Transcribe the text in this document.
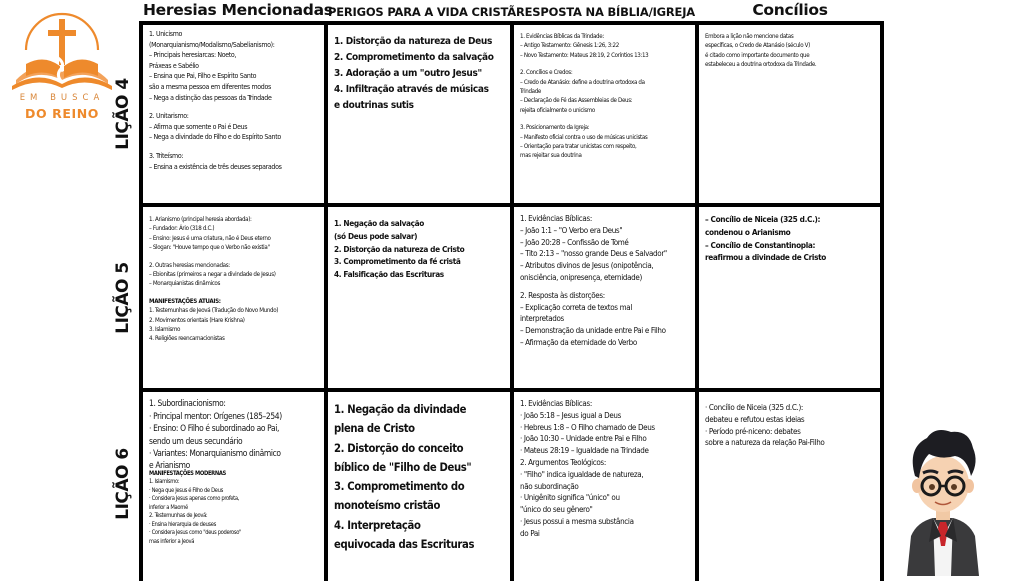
EM BUSCA
DO REINO
Heresias Mencionadas
PERIGOS PARA A VIDA CRISTÃ RESPOSTA NA BÍBLIA/IGREJA	Concílios
LIÇÃO 4
LIÇÃO 5
LIÇÃO 6
1. Unicismo
(Monarquianismo/Modalismo/Sabelianismo):
– Principais heresiarcas: Noeto,
Práxeas e Sabélio
– Ensina que Pai, Filho e Espírito Santo
são a mesma pessoa em diferentes modos
– Nega a distinção das pessoas da Trindade
2. Unitarismo:
– Afirma que somente o Pai é Deus
– Nega a divindade do Filho e do Espírito Santo
3. Triteísmo:
– Ensina a existência de três deuses separados
1. Distorção da natureza de Deus
2. Comprometimento da salvação
3. Adoração a um "outro Jesus"
4. Infiltração através de músicas
e doutrinas sutis
1. Evidências Bíblicas da Trindade:
– Antigo Testamento: Gênesis 1:26, 3:22
– Novo Testamento: Mateus 28:19, 2 Coríntios 13:13
2. Concílios e Credos:
– Credo de Atanásio: define a doutrina ortodoxa da
Trindade
– Declaração de Fé das Assembleias de Deus:
rejeita oficialmente o unicismo
3. Posicionamento da Igreja:
– Manifesto oficial contra o uso de músicas unicistas
– Orientação para tratar unicistas com respeito,
mas rejeitar sua doutrina
Embora a lição não mencione datas
específicas, o Credo de Atanásio (século V)
é citado como importante documento que
estabeleceu a doutrina ortodoxa da Trindade.
1. Arianismo (principal heresia abordada):
– Fundador: Ário (318 d.C.)
– Ensino: Jesus é uma criatura, não é Deus eterno
– Slogan: "Houve tempo que o Verbo não existia"
2. Outras heresias mencionadas:
– Ebionitas (primeiros a negar a divindade de Jesus)
– Monarquianistas dinâmicos
MANIFESTAÇÕES ATUAIS:
1. Testemunhas de Jeová (Tradução do Novo Mundo)
2. Movimentos orientais (Hare Krishna)
3. Islamismo
4. Religiões reencarnacionistas
1. Negação da salvação
(só Deus pode salvar)
2. Distorção da natureza de Cristo
3. Comprometimento da fé cristã
4. Falsificação das Escrituras
1. Evidências Bíblicas:
– João 1:1 – "O Verbo era Deus"
– João 20:28 – Confissão de Tomé
– Tito 2:13 – "nosso grande Deus e Salvador"
– Atributos divinos de Jesus (onipotência,
onisciência, onipresença, eternidade)
2. Resposta às distorções:
– Explicação correta de textos mal
interpretados
– Demonstração da unidade entre Pai e Filho
– Afirmação da eternidade do Verbo
– Concílio de Niceia (325 d.C.):
condenou o Arianismo
– Concílio de Constantinopla:
reafirmou a divindade de Cristo
1. Subordinacionismo:
· Principal mentor: Orígenes (185–254)
· Ensino: O Filho é subordinado ao Pai,
sendo um deus secundário
· Variantes: Monarquianismo dinâmico
e Arianismo
MANIFESTAÇÕES MODERNAS
1. Islamismo:
· Nega que Jesus é Filho de Deus
· Considera Jesus apenas como profeta,
inferior a Maomé
2. Testemunhas de Jeová:
· Ensina hierarquia de deuses
· Considera Jesus como "deus poderoso"
mas inferior a Jeová
1. Negação da divindade
plena de Cristo
2. Distorção do conceito
bíblico de "Filho de Deus"
3. Comprometimento do
monoteísmo cristão
4. Interpretação
equivocada das Escrituras
1. Evidências Bíblicas:
· João 5:18 – Jesus igual a Deus
· Hebreus 1:8 – O Filho chamado de Deus
· João 10:30 – Unidade entre Pai e Filho
· Mateus 28:19 – Igualdade na Trindade
2. Argumentos Teológicos:
· "Filho" indica igualdade de natureza,
não subordinação
· Unigênito significa "único" ou
"único do seu gênero"
· Jesus possui a mesma substância
do Pai
· Concílio de Niceia (325 d.C.):
debateu e refutou estas ideias
· Período pré-niceno: debates
sobre a natureza da relação Pai-Filho
